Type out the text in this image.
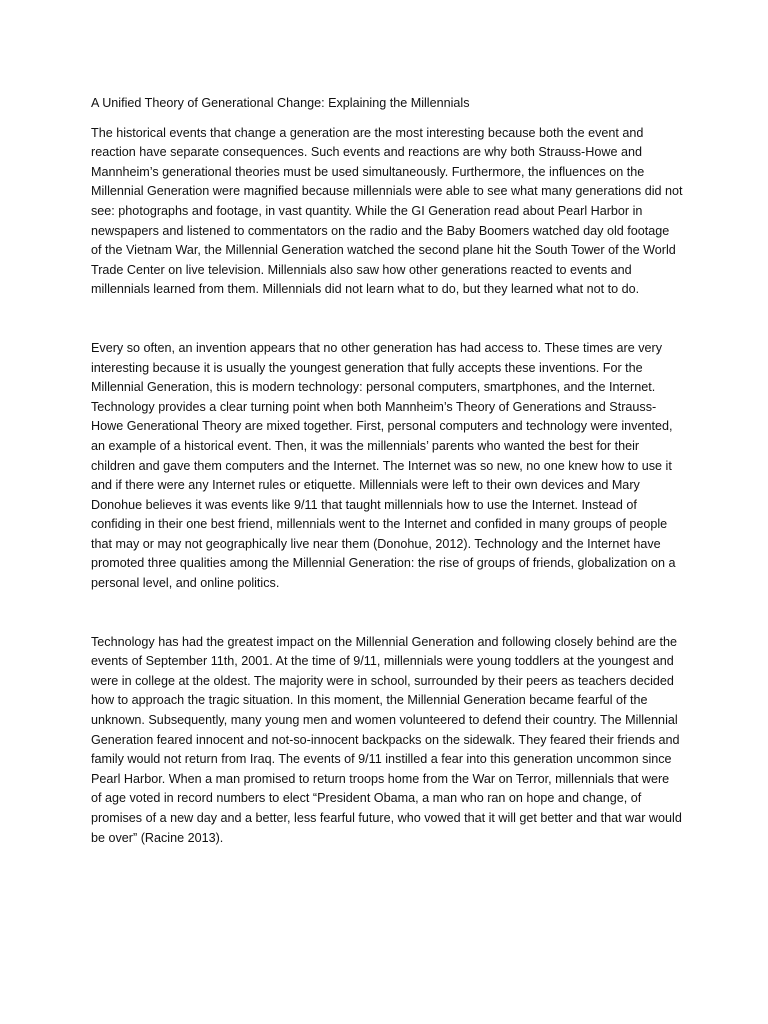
A Unified Theory of Generational Change: Explaining the Millennials

The historical events that change a generation are the most interesting because both the event and reaction have separate consequences. Such events and reactions are why both Strauss-Howe and Mannheim’s generational theories must be used simultaneously. Furthermore, the influences on the Millennial Generation were magnified because millennials were able to see what many generations did not see: photographs and footage, in vast quantity. While the GI Generation read about Pearl Harbor in newspapers and listened to commentators on the radio and the Baby Boomers watched day old footage of the Vietnam War, the Millennial Generation watched the second plane hit the South Tower of the World Trade Center on live television. Millennials also saw how other generations reacted to events and millennials learned from them. Millennials did not learn what to do, but they learned what not to do.

Every so often, an invention appears that no other generation has had access to. These times are very interesting because it is usually the youngest generation that fully accepts these inventions. For the Millennial Generation, this is modern technology: personal computers, smartphones, and the Internet. Technology provides a clear turning point when both Mannheim’s Theory of Generations and Strauss-Howe Generational Theory are mixed together. First, personal computers and technology were invented, an example of a historical event. Then, it was the millennials’ parents who wanted the best for their children and gave them computers and the Internet. The Internet was so new, no one knew how to use it and if there were any Internet rules or etiquette. Millennials were left to their own devices and Mary Donohue believes it was events like 9/11 that taught millennials how to use the Internet. Instead of confiding in their one best friend, millennials went to the Internet and confided in many groups of people that may or may not geographically live near them (Donohue, 2012). Technology and the Internet have promoted three qualities among the Millennial Generation: the rise of groups of friends, globalization on a personal level, and online politics.

Technology has had the greatest impact on the Millennial Generation and following closely behind are the events of September 11th, 2001. At the time of 9/11, millennials were young toddlers at the youngest and were in college at the oldest. The majority were in school, surrounded by their peers as teachers decided how to approach the tragic situation. In this moment, the Millennial Generation became fearful of the unknown. Subsequently, many young men and women volunteered to defend their country. The Millennial Generation feared innocent and not-so-innocent backpacks on the sidewalk. They feared their friends and family would not return from Iraq. The events of 9/11 instilled a fear into this generation uncommon since Pearl Harbor. When a man promised to return troops home from the War on Terror, millennials that were of age voted in record numbers to elect “President Obama, a man who ran on hope and change, of promises of a new day and a better, less fearful future, who vowed that it will get better and that war would be over” (Racine 2013).
